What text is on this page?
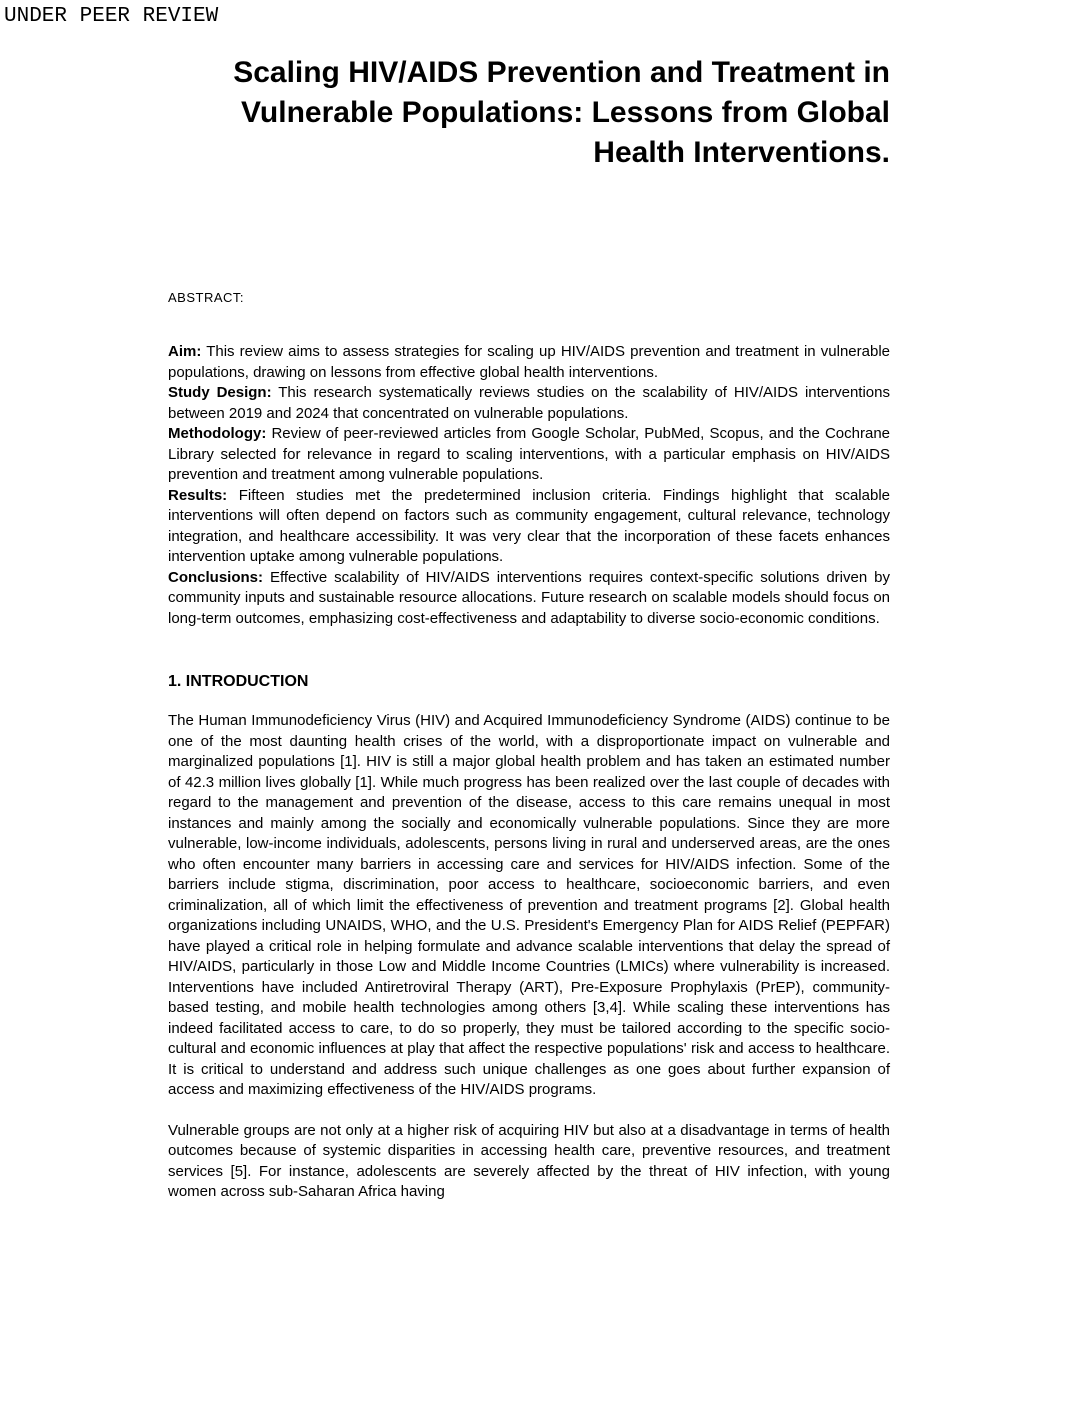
UNDER PEER REVIEW
Scaling HIV/AIDS Prevention and Treatment in
Vulnerable Populations: Lessons from Global
Health Interventions.
ABSTRACT:

Aim: This review aims to assess strategies for scaling up HIV/AIDS prevention and treatment in vulnerable populations, drawing on lessons from effective global health interventions.

Study Design: This research systematically reviews studies on the scalability of HIV/AIDS interventions between 2019 and 2024 that concentrated on vulnerable populations.

Methodology: Review of peer-reviewed articles from Google Scholar, PubMed, Scopus, and the Cochrane Library selected for relevance in regard to scaling interventions, with a particular emphasis on HIV/AIDS prevention and treatment among vulnerable populations.

Results: Fifteen studies met the predetermined inclusion criteria. Findings highlight that scalable interventions will often depend on factors such as community engagement, cultural relevance, technology integration, and healthcare accessibility. It was very clear that the incorporation of these facets enhances intervention uptake among vulnerable populations.

Conclusions: Effective scalability of HIV/AIDS interventions requires context-specific solutions driven by community inputs and sustainable resource allocations. Future research on scalable models should focus on long-term outcomes, emphasizing cost-effectiveness and adaptability to diverse socio-economic conditions.

1. INTRODUCTION

The Human Immunodeficiency Virus (HIV) and Acquired Immunodeficiency Syndrome (AIDS) continue to be one of the most daunting health crises of the world, with a disproportionate impact on vulnerable and marginalized populations [1]. HIV is still a major global health problem and has taken an estimated number of 42.3 million lives globally [1]. While much progress has been realized over the last couple of decades with regard to the management and prevention of the disease, access to this care remains unequal in most instances and mainly among the socially and economically vulnerable populations. Since they are more vulnerable, low-income individuals, adolescents, persons living in rural and underserved areas, are the ones who often encounter many barriers in accessing care and services for HIV/AIDS infection. Some of the barriers include stigma, discrimination, poor access to healthcare, socioeconomic barriers, and even criminalization, all of which limit the effectiveness of prevention and treatment programs [2]. Global health organizations including UNAIDS, WHO, and the U.S. President's Emergency Plan for AIDS Relief (PEPFAR) have played a critical role in helping formulate and advance scalable interventions that delay the spread of HIV/AIDS, particularly in those Low and Middle Income Countries (LMICs) where vulnerability is increased. Interventions have included Antiretroviral Therapy (ART), Pre-Exposure Prophylaxis (PrEP), community-based testing, and mobile health technologies among others [3,4]. While scaling these interventions has indeed facilitated access to care, to do so properly, they must be tailored according to the specific socio-cultural and economic influences at play that affect the respective populations' risk and access to healthcare. It is critical to understand and address such unique challenges as one goes about further expansion of access and maximizing effectiveness of the HIV/AIDS programs.

Vulnerable groups are not only at a higher risk of acquiring HIV but also at a disadvantage in terms of health outcomes because of systemic disparities in accessing health care, preventive resources, and treatment services [5]. For instance, adolescents are severely affected by the threat of HIV infection, with young women across sub-Saharan Africa having
